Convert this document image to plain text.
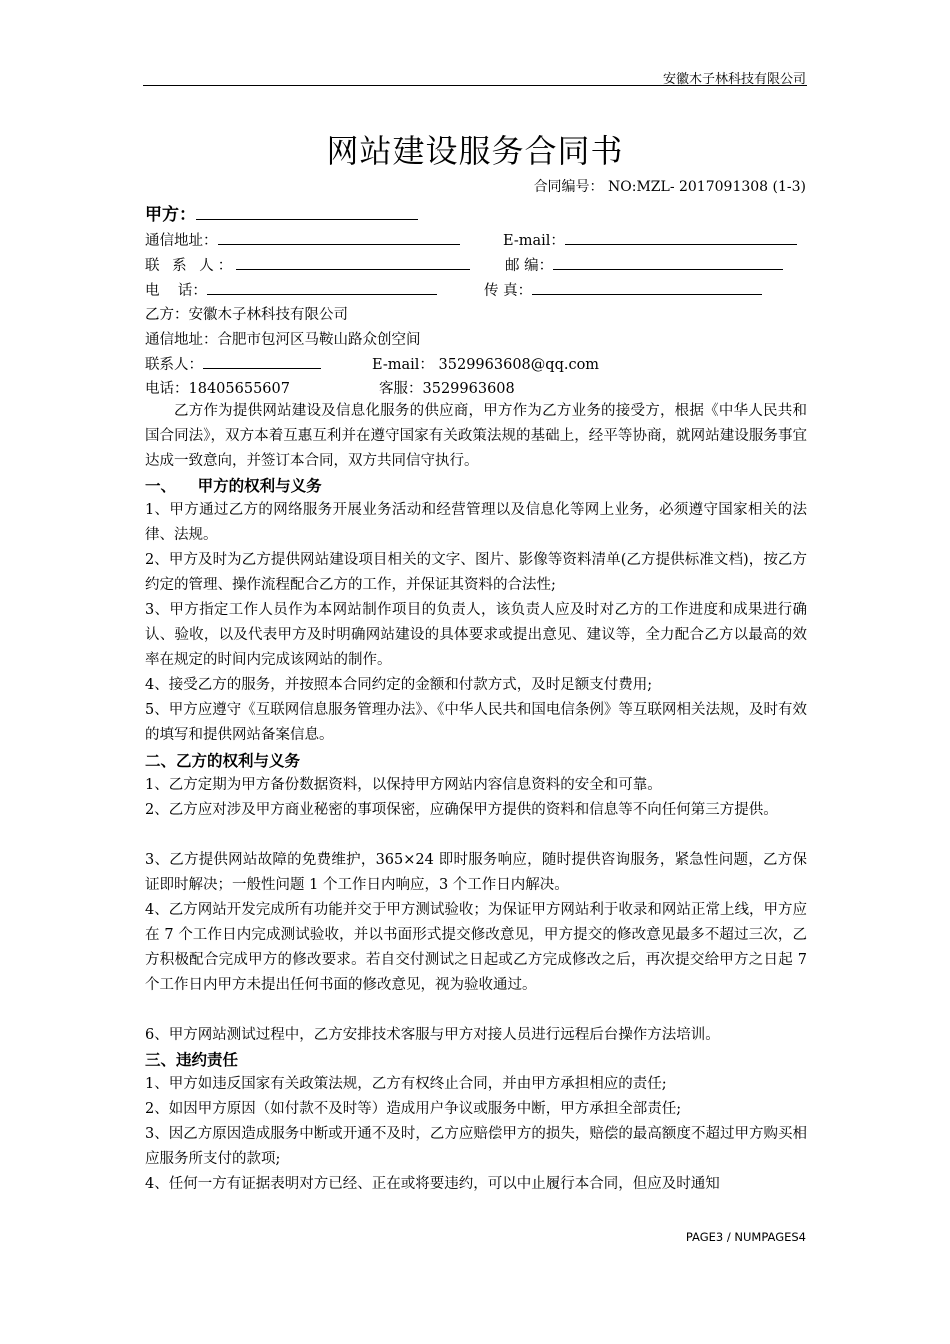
安徽木子林科技有限公司
网站建设服务合同书
合同编号： NO:MZL- 2017091308 (1-3)
甲方：
通信地址：	E-mail：
联 系 人：	邮 编：
电    话：	传 真：
乙方：安徽木子林科技有限公司
通信地址：合肥市包河区马鞍山路众创空间
联系人：	E-mail： 3529963608@qq.com
电话：18405655607	客服：3529963608
乙方作为提供网站建设及信息化服务的供应商，甲方作为乙方业务的接受方，根据《中华人民共和国合同法》，双方本着互惠互利并在遵守国家有关政策法规的基础上，经平等协商，就网站建设服务事宜达成一致意向，并签订本合同，双方共同信守执行。
一、    甲方的权利与义务
1、甲方通过乙方的网络服务开展业务活动和经营管理以及信息化等网上业务，必须遵守国家相关的法律、法规。
2、甲方及时为乙方提供网站建设项目相关的文字、图片、影像等资料清单(乙方提供标准文档)，按乙方约定的管理、操作流程配合乙方的工作，并保证其资料的合法性;
3、甲方指定工作人员作为本网站制作项目的负责人，该负责人应及时对乙方的工作进度和成果进行确认、验收，以及代表甲方及时明确网站建设的具体要求或提出意见、建议等，全力配合乙方以最高的效率在规定的时间内完成该网站的制作。
4、接受乙方的服务，并按照本合同约定的金额和付款方式，及时足额支付费用;
5、甲方应遵守《互联网信息服务管理办法》、《中华人民共和国电信条例》等互联网相关法规，及时有效的填写和提供网站备案信息。
二、乙方的权利与义务
1、乙方定期为甲方备份数据资料，以保持甲方网站内容信息资料的安全和可靠。
2、乙方应对涉及甲方商业秘密的事项保密，应确保甲方提供的资料和信息等不向任何第三方提供。
3、乙方提供网站故障的免费维护，365×24 即时服务响应，随时提供咨询服务，紧急性问题，乙方保证即时解决；一般性问题 1 个工作日内响应，3 个工作日内解决。
4、乙方网站开发完成所有功能并交于甲方测试验收；为保证甲方网站利于收录和网站正常上线，甲方应在 7 个工作日内完成测试验收，并以书面形式提交修改意见，甲方提交的修改意见最多不超过三次，乙方积极配合完成甲方的修改要求。若自交付测试之日起或乙方完成修改之后，再次提交给甲方之日起 7 个工作日内甲方未提出任何书面的修改意见，视为验收通过。
6、甲方网站测试过程中，乙方安排技术客服与甲方对接人员进行远程后台操作方法培训。
三、违约责任
1、甲方如违反国家有关政策法规，乙方有权终止合同，并由甲方承担相应的责任;
2、如因甲方原因（如付款不及时等）造成用户争议或服务中断，甲方承担全部责任;
3、因乙方原因造成服务中断或开通不及时，乙方应赔偿甲方的损失，赔偿的最高额度不超过甲方购买相应服务所支付的款项;
4、任何一方有证据表明对方已经、正在或将要违约，可以中止履行本合同，但应及时通知
PAGE3 / NUMPAGES4
